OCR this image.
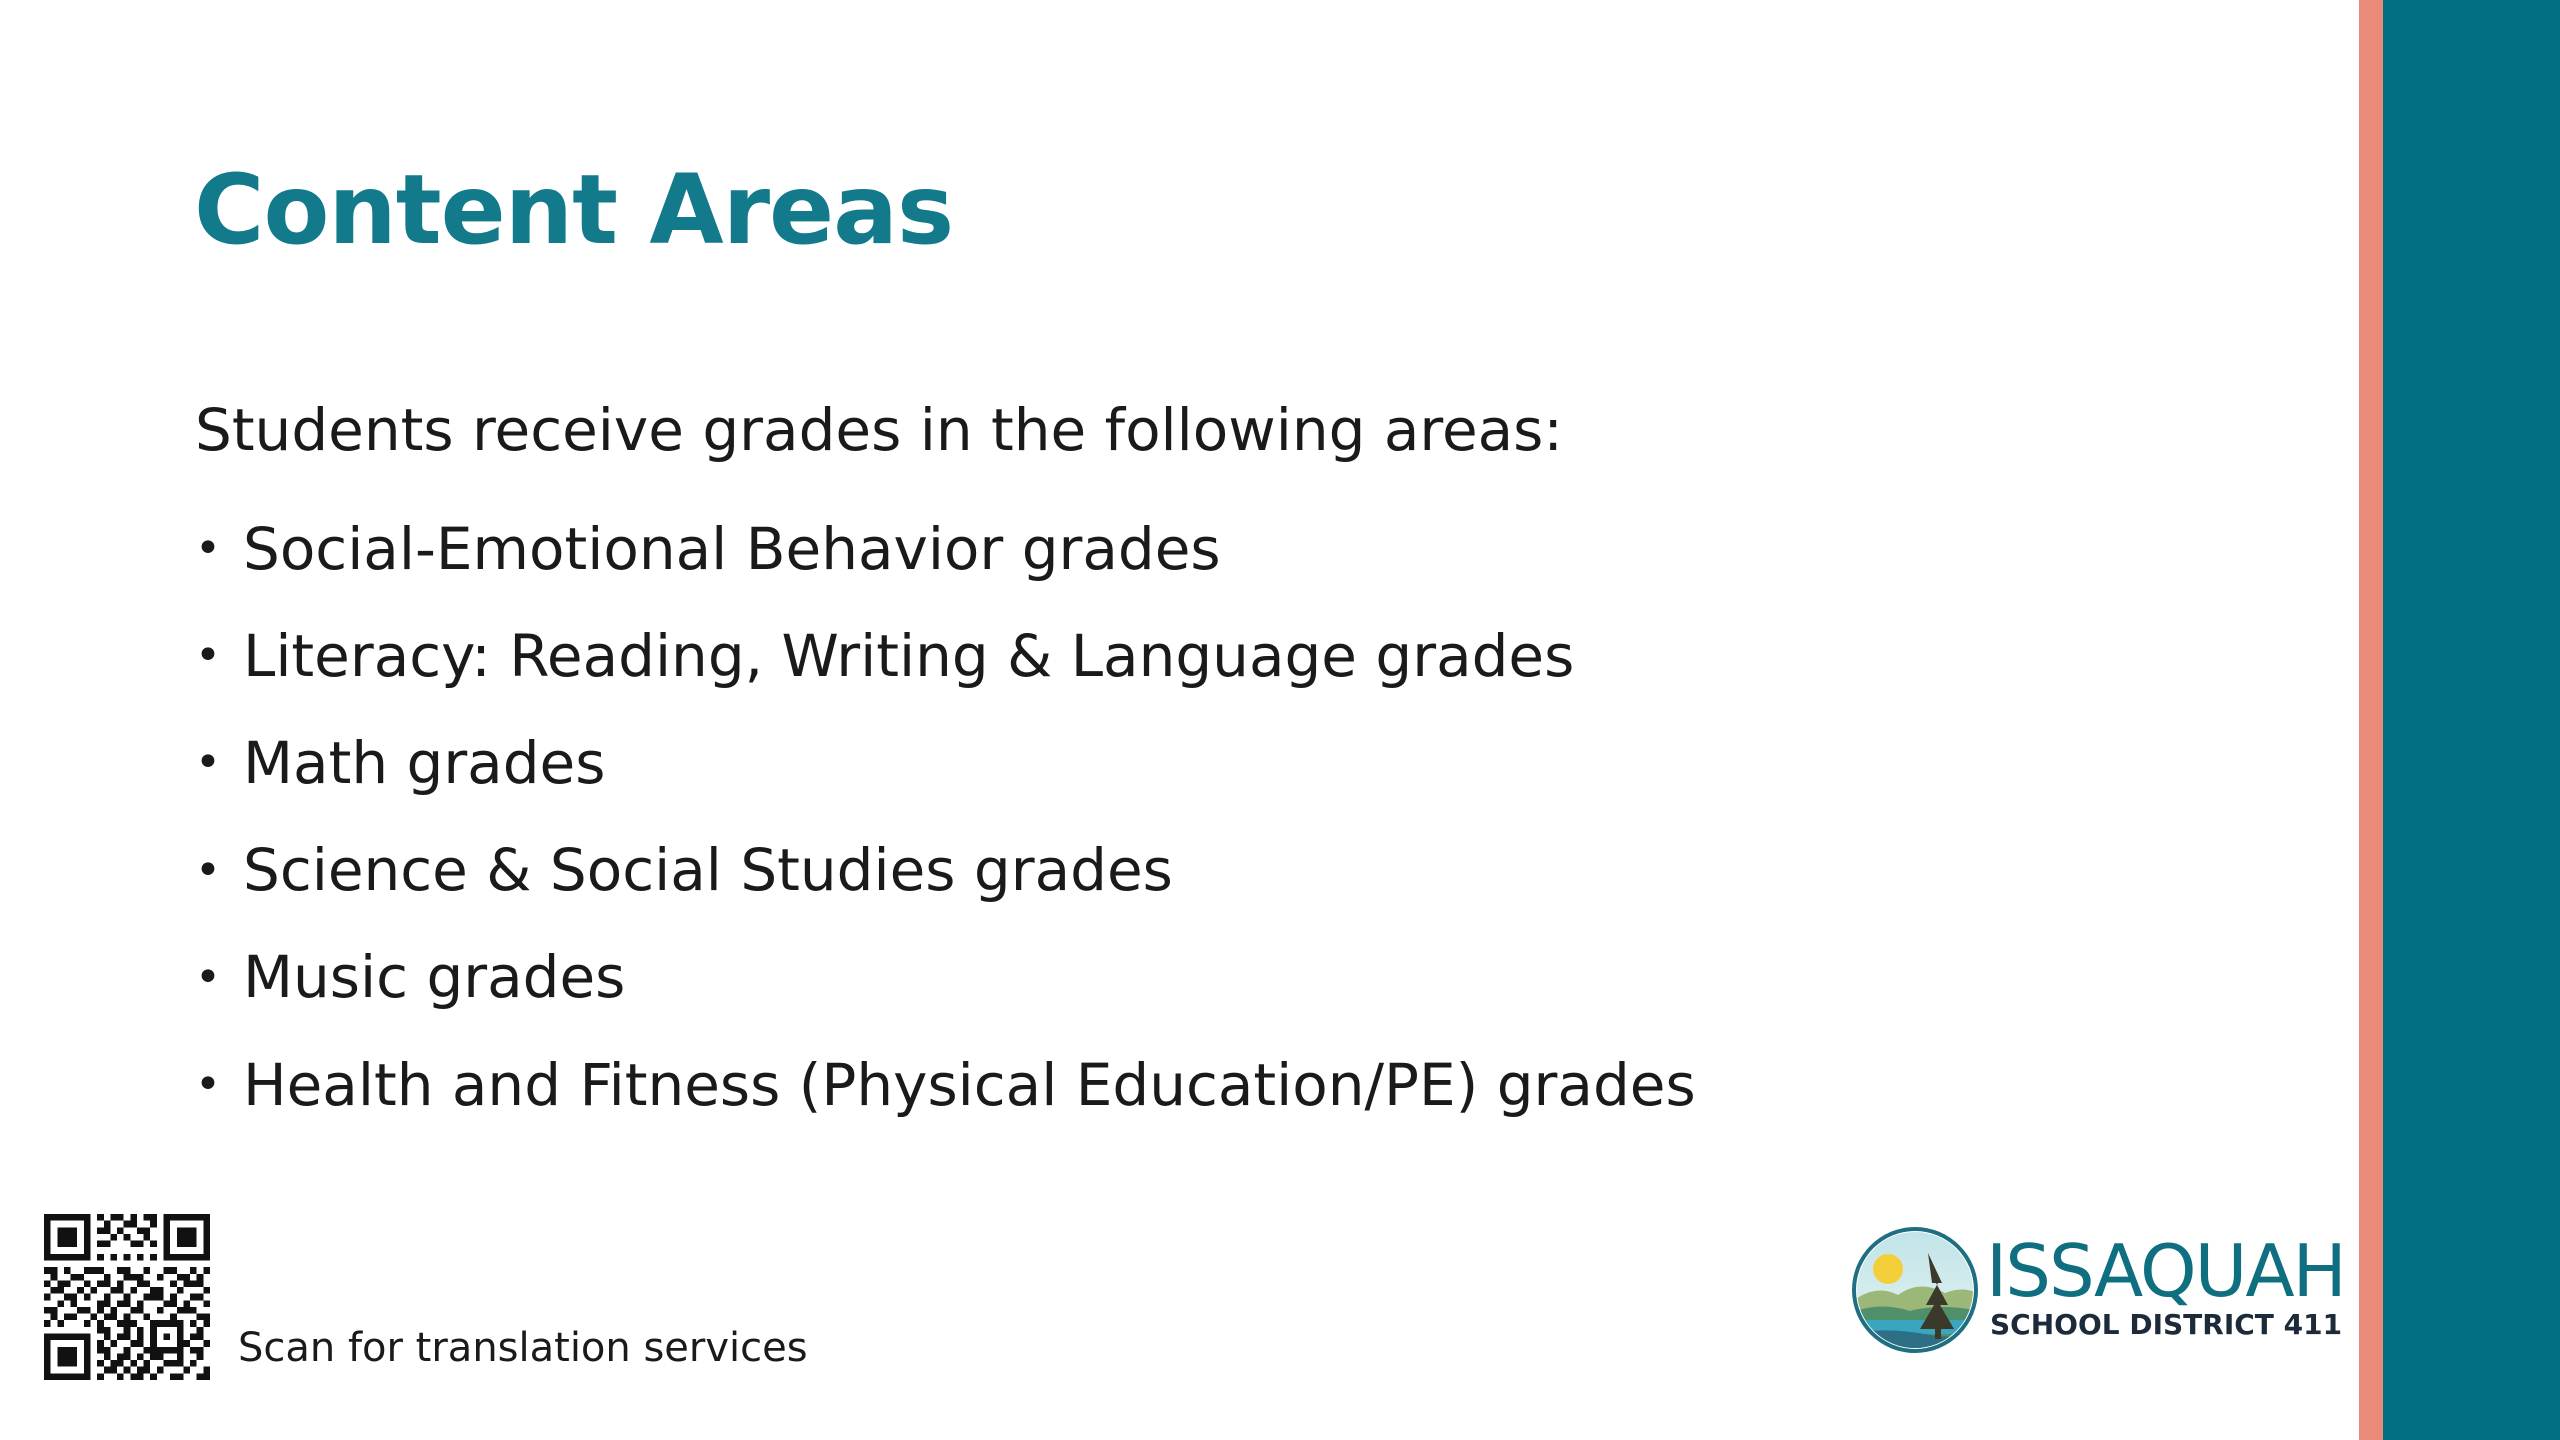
Content Areas

Students receive grades in the following areas:

• Social-Emotional Behavior grades
• Literacy: Reading, Writing & Language grades
• Math grades
• Science & Social Studies grades
• Music grades
• Health and Fitness (Physical Education/PE) grades
Scan for translation services
ISSAQUAH
SCHOOL DISTRICT 411
